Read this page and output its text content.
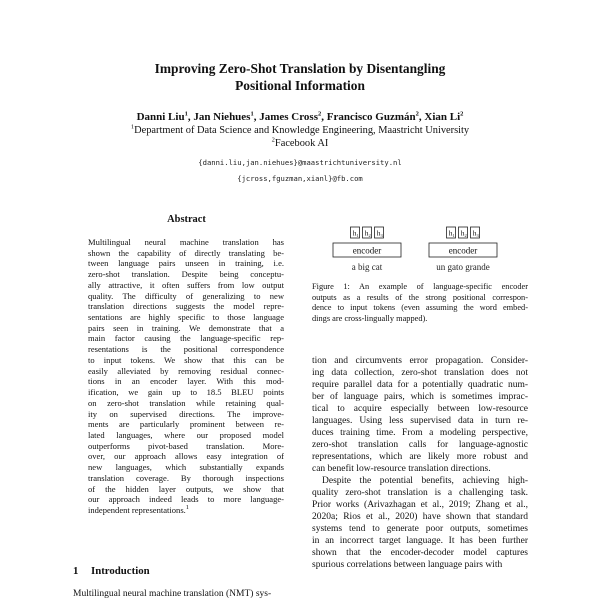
Improving Zero-Shot Translation by Disentangling
Positional Information
Danni Liu$^1$, Jan Niehues$^1$, James Cross$^2$, Francisco Guzmán$^2$, Xian Li$^2$
$^1$Department of Data Science and Knowledge Engineering, Maastricht University
$^2$Facebook AI
{danni.liu,jan.niehues}@maastrichtuniversity.nl
{jcross,fguzman,xianl}@fb.com
Abstract
Multilingual neural machine translation has
shown the capability of directly translating be-
tween language pairs unseen in training, i.e.
zero-shot translation. Despite being conceptu-
ally attractive, it often suffers from low output
quality. The difficulty of generalizing to new
translation directions suggests the model repre-
sentations are highly specific to those language
pairs seen in training. We demonstrate that a
main factor causing the language-specific rep-
resentations is the positional correspondence
to input tokens. We show that this can be
easily alleviated by removing residual connec-
tions in an encoder layer. With this mod-
ification, we gain up to 18.5 BLEU points
on zero-shot translation while retaining qual-
ity on supervised directions. The improve-
ments are particularly prominent between re-
lated languages, where our proposed model
outperforms pivot-based translation. More-
over, our approach allows easy integration of
new languages, which substantially expands
translation coverage. By thorough inspections
of the hidden layer outputs, we show that
our approach indeed leads to more language-
independent representations.$^1$
1 Introduction
Multilingual neural machine translation (NMT) sys-
$h_1$ $h_2$ $h_3$
encoder
a big cat
$h_1$ $h_2$ $h_3$
encoder
un gato grande
Figure 1: An example of language-specific encoder
outputs as a results of the strong positional correspon-
dence to input tokens (even assuming the word embed-
dings are cross-lingually mapped).
tion and circumvents error propagation. Consider-
ing data collection, zero-shot translation does not
require parallel data for a potentially quadratic num-
ber of language pairs, which is sometimes imprac-
tical to acquire especially between low-resource
languages. Using less supervised data in turn re-
duces training time. From a modeling perspective,
zero-shot translation calls for language-agnostic
representations, which are likely more robust and
can benefit low-resource translation directions.
Despite the potential benefits, achieving high-
quality zero-shot translation is a challenging task.
Prior works (Arivazhagan et al., 2019; Zhang et al.,
2020a; Rios et al., 2020) have shown that standard
systems tend to generate poor outputs, sometimes
in an incorrect target language. It has been further
shown that the encoder-decoder model captures
spurious correlations between language pairs with
